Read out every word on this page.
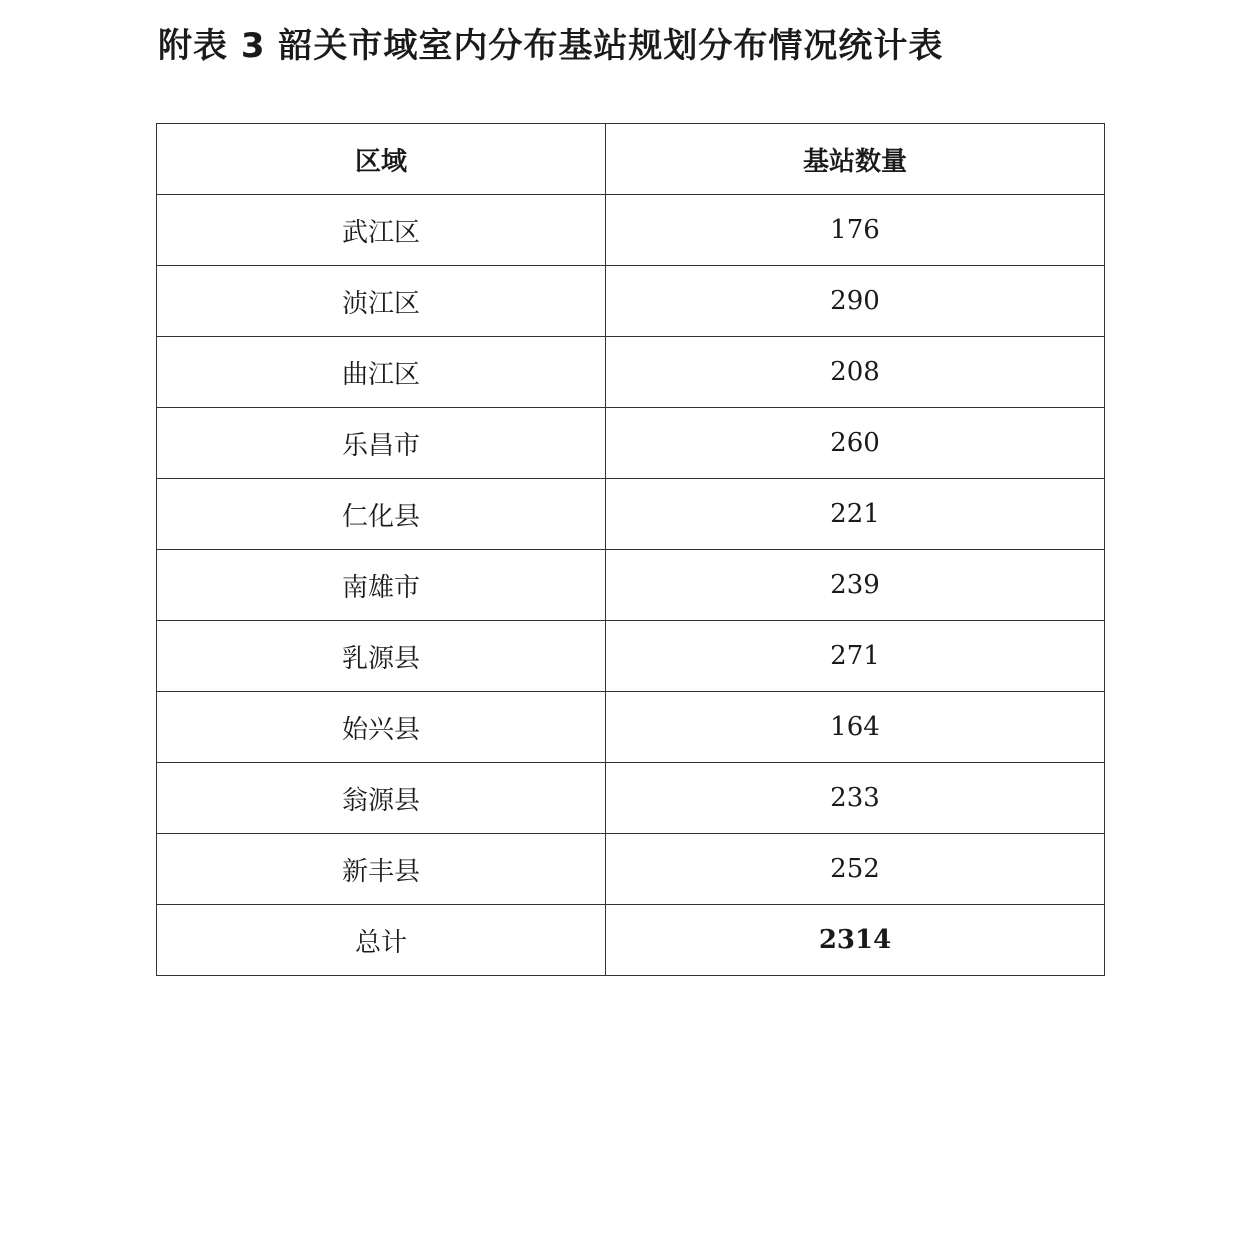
附表 3 韶关市域室内分布基站规划分布情况统计表
区域	基站数量
武江区	176
浈江区	290
曲江区	208
乐昌市	260
仁化县	221
南雄市	239
乳源县	271
始兴县	164
翁源县	233
新丰县	252
总计	2314
